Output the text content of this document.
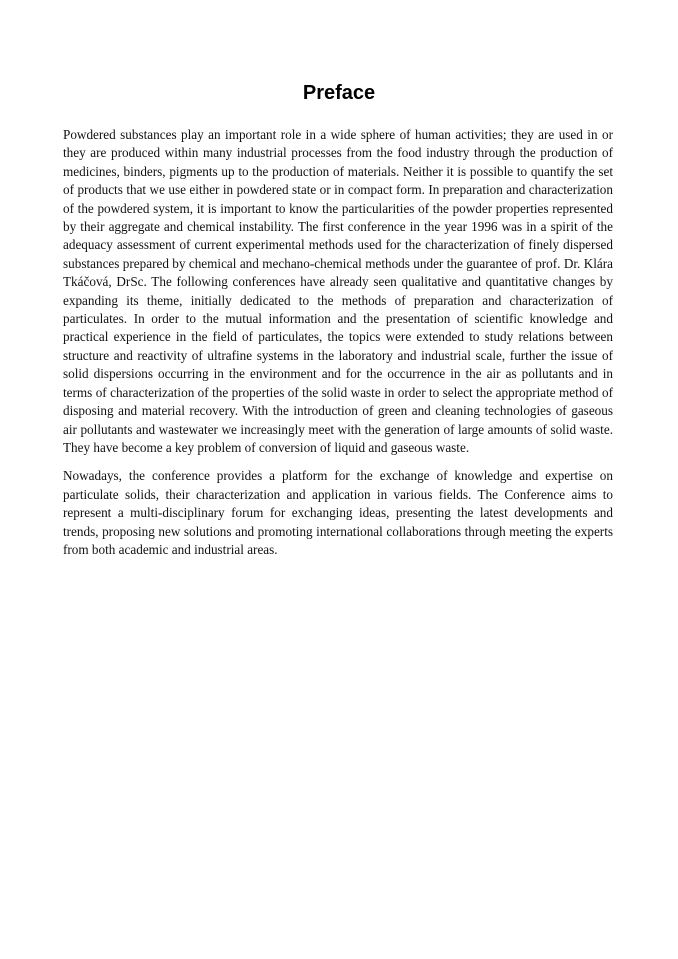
Preface

Powdered substances play an important role in a wide sphere of human activities; they are used in or they are produced within many industrial processes from the food industry through the production of medicines, binders, pigments up to the production of materials. Neither it is possible to quantify the set of products that we use either in powdered state or in compact form. In preparation and characterization of the powdered system, it is important to know the particularities of the powder properties represented by their aggregate and chemical instability. The first conference in the year 1996 was in a spirit of the adequacy assessment of current experimental methods used for the characterization of finely dispersed substances prepared by chemical and mechano-chemical methods under the guarantee of prof. Dr. Klára Tkáčová, DrSc. The following conferences have already seen qualitative and quantitative changes by expanding its theme, initially dedicated to the methods of preparation and characterization of particulates. In order to the mutual information and the presentation of scientific knowledge and practical experience in the field of particulates, the topics were extended to study relations between structure and reactivity of ultrafine systems in the laboratory and industrial scale, further the issue of solid dispersions occurring in the environment and for the occurrence in the air as pollutants and in terms of characterization of the properties of the solid waste in order to select the appropriate method of disposing and material recovery. With the introduction of green and cleaning technologies of gaseous air pollutants and wastewater we increasingly meet with the generation of large amounts of solid waste. They have become a key problem of conversion of liquid and gaseous waste.

Nowadays, the conference provides a platform for the exchange of knowledge and expertise on particulate solids, their characterization and application in various fields. The Conference aims to represent a multi-disciplinary forum for exchanging ideas, presenting the latest developments and trends, proposing new solutions and promoting international collaborations through meeting the experts from both academic and industrial areas.
